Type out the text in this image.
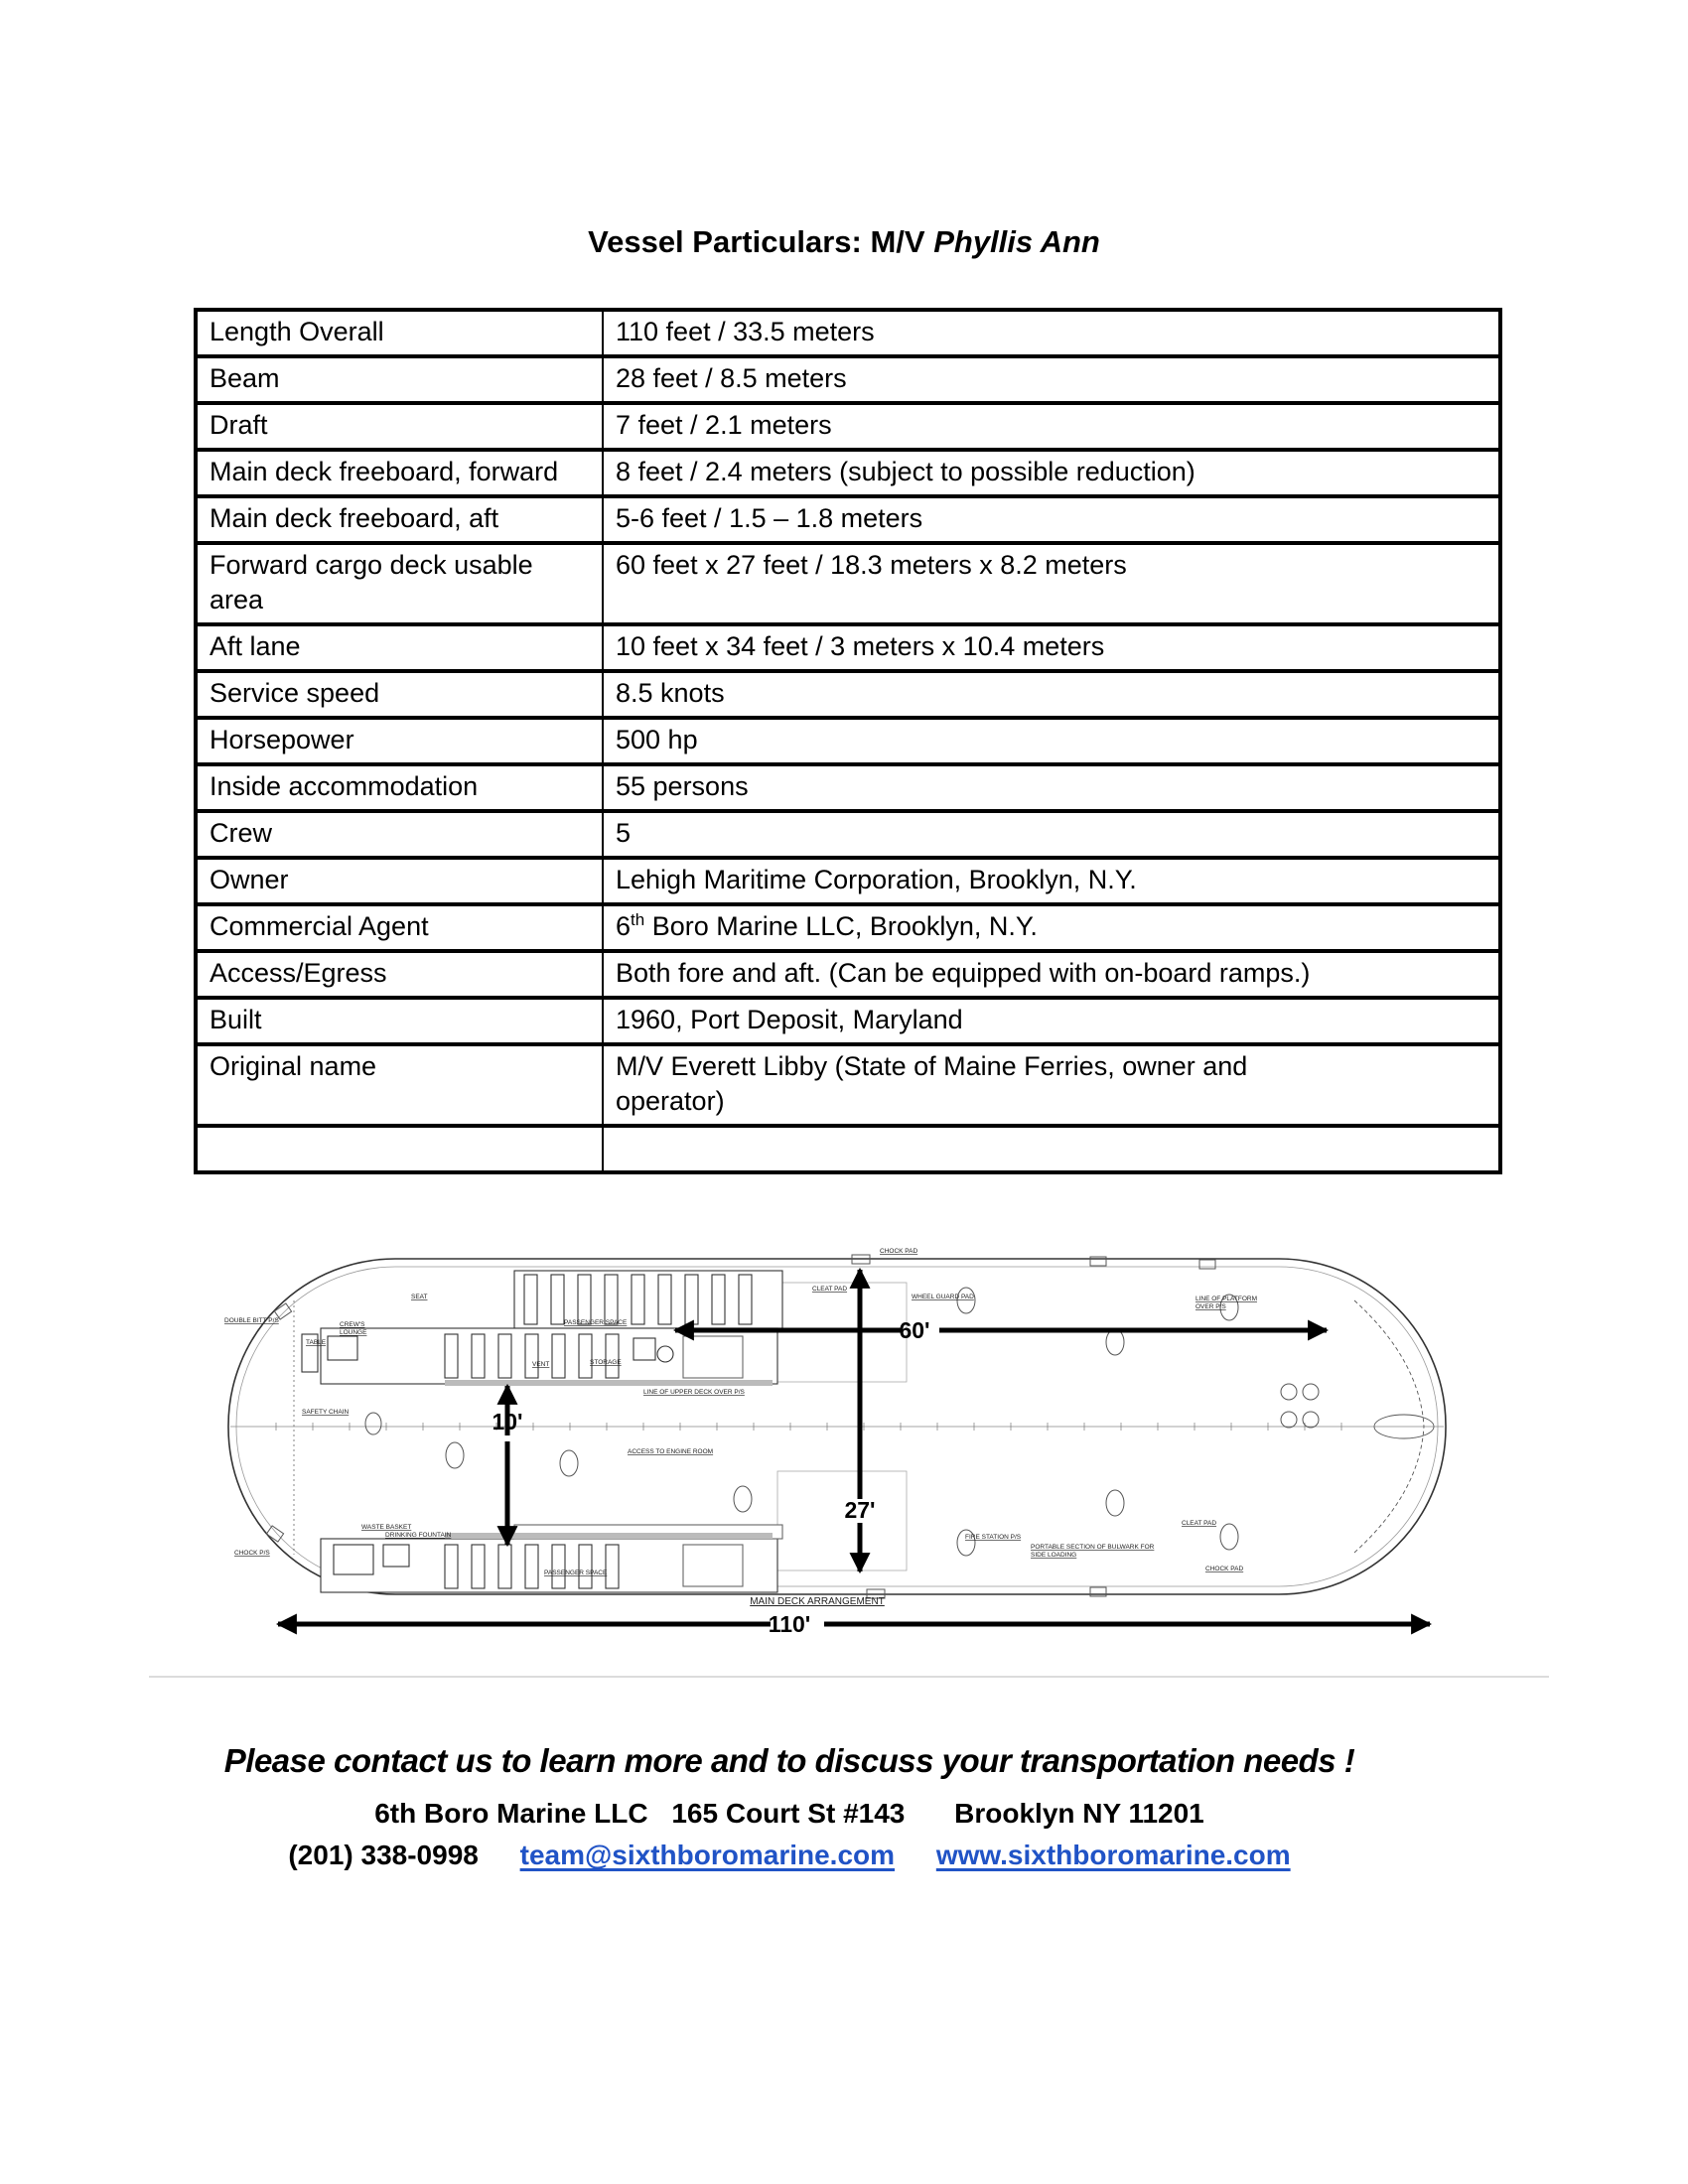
Vessel Particulars: M/V Phyllis Ann
Length Overall	110 feet / 33.5 meters
Beam	28 feet / 8.5 meters
Draft	7 feet / 2.1 meters
Main deck freeboard, forward	8 feet / 2.4 meters (subject to possible reduction)
Main deck freeboard, aft	5-6 feet / 1.5 – 1.8 meters
Forward cargo deck usable area	60 feet x 27 feet / 18.3 meters x 8.2 meters
Aft lane	10 feet x 34 feet / 3 meters x 10.4 meters
Service speed	8.5 knots
Horsepower	500 hp
Inside accommodation	55 persons
Crew	5
Owner	Lehigh Maritime Corporation, Brooklyn, N.Y.
Commercial Agent	6th Boro Marine LLC, Brooklyn, N.Y.
Access/Egress	Both fore and aft. (Can be equipped with on-board ramps.)
Built	1960, Port Deposit, Maryland
Original name	M/V Everett Libby (State of Maine Ferries, owner and
operator)

60'
27'
10'
110'
DOUBLE BITT P/S
SAFETY CHAIN
CHOCK P/S
TABLE
CREW'S
LOUNGE
SEAT
PASSENGER SPACE
VENT	STORAGE
CLEAT PAD
WHEEL GUARD PAD
CHOCK PAD
LINE OF UPPER DECK OVER P/S
LINE OF PLATFORM
OVER P/S
ACCESS TO ENGINE ROOM
WASTE BASKET
DRINKING FOUNTAIN
PASSENGER SPACE
FIRE STATION P/S
PORTABLE SECTION OF BULWARK FOR
SIDE LOADING
CLEAT PAD
CHOCK PAD
MAIN DECK ARRANGEMENT
Please contact us to learn more and to discuss your transportation needs !
6th Boro Marine LLC 165 Court St #143 Brooklyn NY 11201
(201) 338-0998 team@sixthboromarine.com www.sixthboromarine.com
